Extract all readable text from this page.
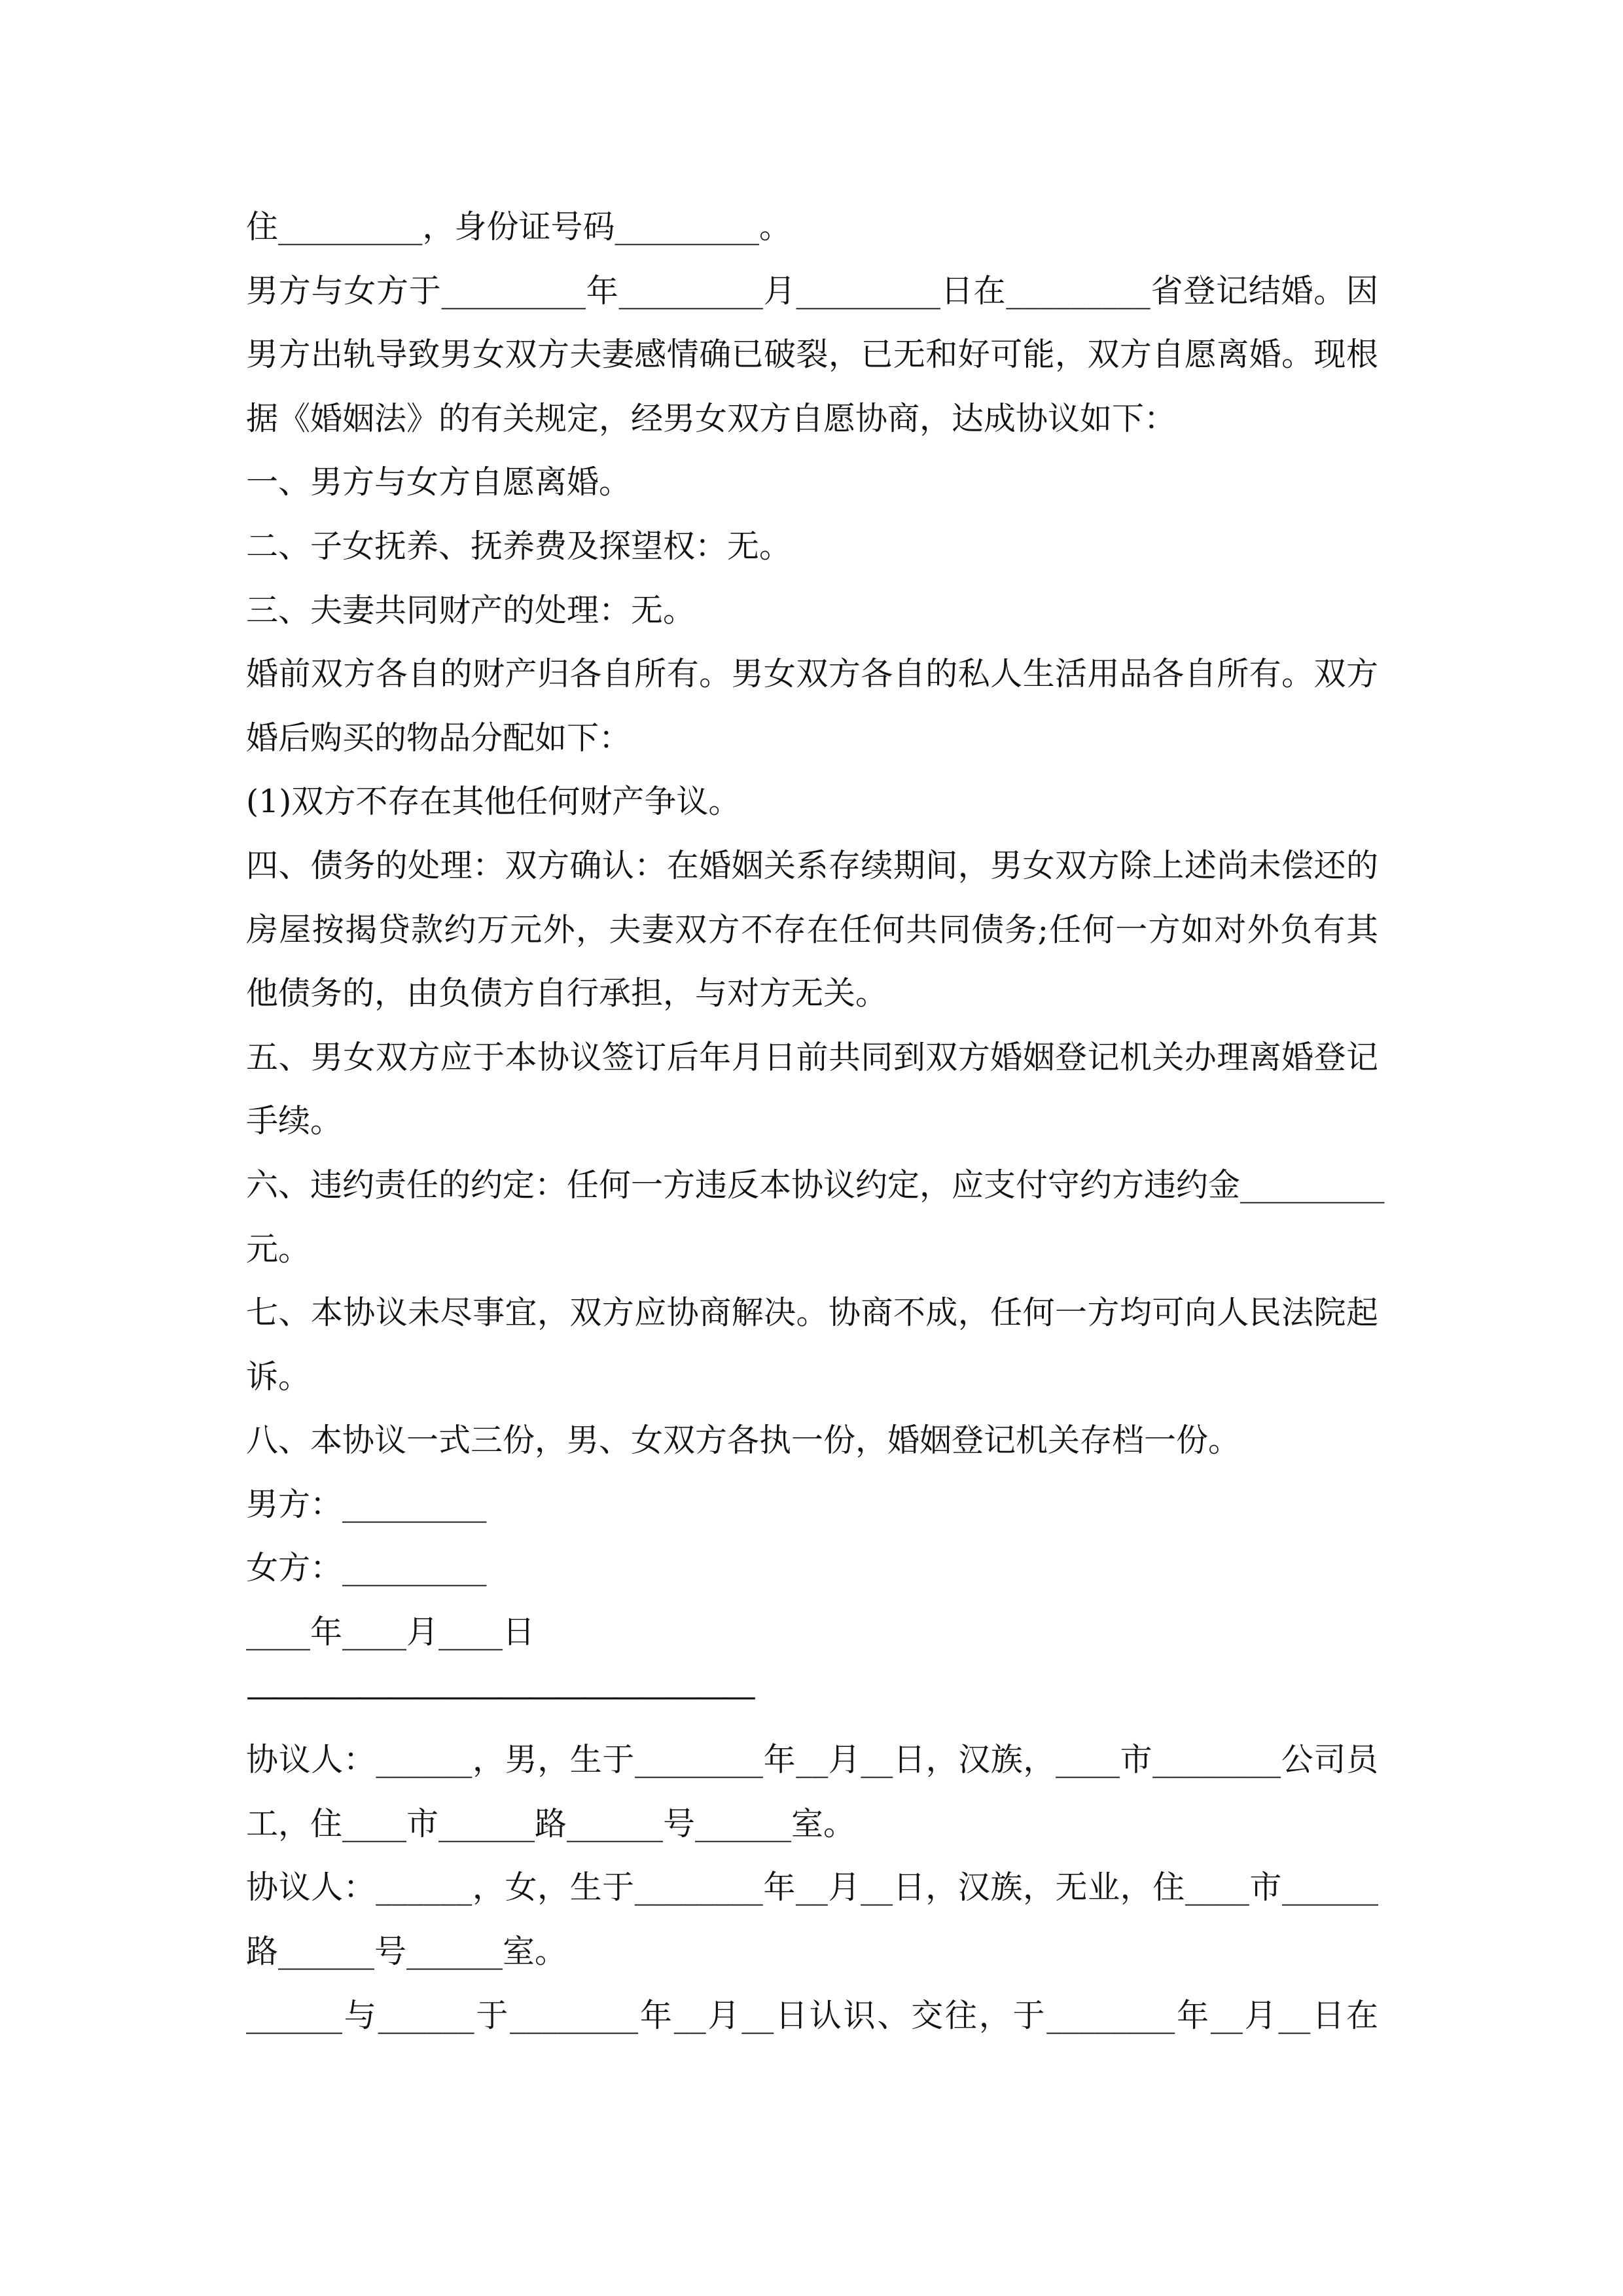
住_________，身份证号码_________。
男方与女方于_________年_________月_________日在_________省登记结婚。因
男方出轨导致男女双方夫妻感情确已破裂，已无和好可能，双方自愿离婚。现根
据《婚姻法》的有关规定，经男女双方自愿协商，达成协议如下：
一、男方与女方自愿离婚。
二、子女抚养、抚养费及探望权：无。
三、夫妻共同财产的处理：无。
婚前双方各自的财产归各自所有。男女双方各自的私人生活用品各自所有。双方
婚后购买的物品分配如下：
(1)双方不存在其他任何财产争议。
四、债务的处理：双方确认：在婚姻关系存续期间，男女双方除上述尚未偿还的
房屋按揭贷款约万元外，夫妻双方不存在任何共同债务;任何一方如对外负有其
他债务的，由负债方自行承担，与对方无关。
五、男女双方应于本协议签订后年月日前共同到双方婚姻登记机关办理离婚登记
手续。
六、违约责任的约定：任何一方违反本协议约定，应支付守约方违约金_________
元。
七、本协议未尽事宜，双方应协商解决。协商不成，任何一方均可向人民法院起
诉。
八、本协议一式三份，男、女双方各执一份，婚姻登记机关存档一份。
男方：_________
女方：_________
____年____月____日
——————————————————
协议人：______，男，生于________年__月__日，汉族，____市________公司员
工，住____市______路______号______室。
协议人：______，女，生于________年__月__日，汉族，无业，住____市______
路______号______室。
______与______于________年__月__日认识、交往，于________年__月__日在
